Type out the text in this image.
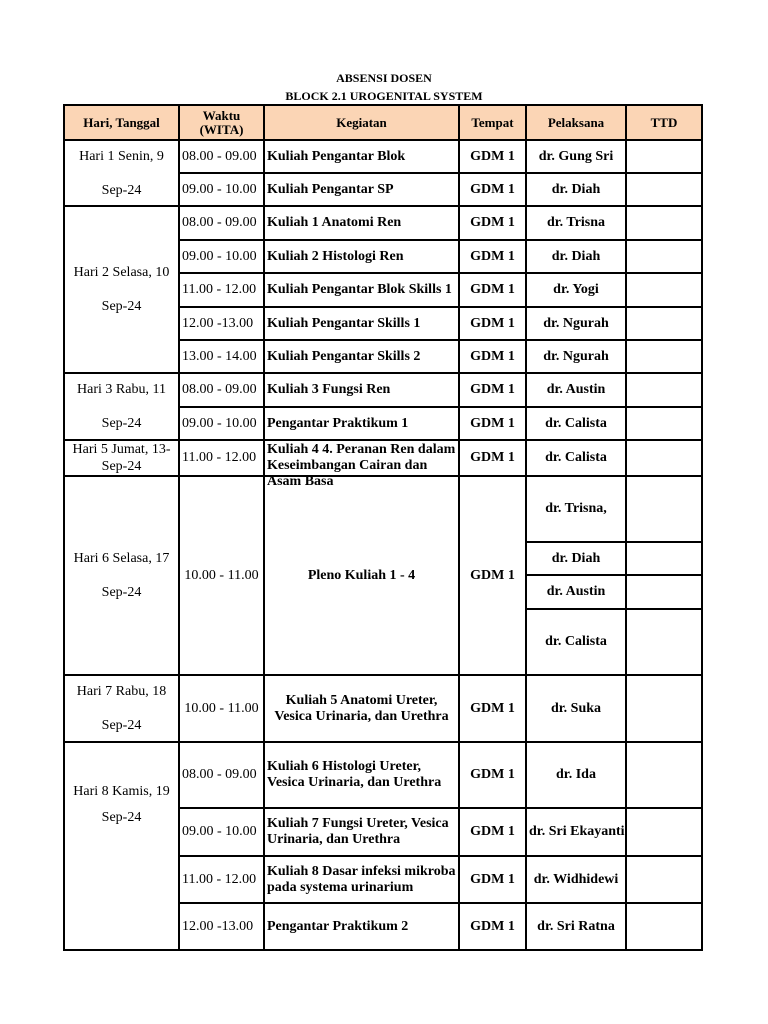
ABSENSI DOSEN
BLOCK 2.1 UROGENITAL SYSTEM
Hari, Tanggal	Waktu (WITA)	Kegiatan	Tempat	Pelaksana	TTD
Hari 1 Senin, 9
Sep-24	08.00 - 09.00	Kuliah Pengantar Blok	GDM 1	dr. Gung Sri	
	09.00 - 10.00	Kuliah Pengantar SP	GDM 1	dr. Diah	
Hari 2 Selasa, 10
Sep-24	08.00 - 09.00	Kuliah 1 Anatomi Ren	GDM 1	dr. Trisna	
	09.00 - 10.00	Kuliah 2 Histologi Ren	GDM 1	dr. Diah	
	11.00 - 12.00	Kuliah Pengantar Blok Skills 1	GDM 1	dr. Yogi	
	12.00 -13.00	Kuliah Pengantar Skills 1	GDM 1	dr. Ngurah	
	13.00 - 14.00	Kuliah Pengantar Skills 2	GDM 1	dr. Ngurah	
Hari 3 Rabu, 11
Sep-24	08.00 - 09.00	Kuliah 3 Fungsi Ren	GDM 1	dr. Austin	
	09.00 - 10.00	Pengantar Praktikum 1	GDM 1	dr. Calista	
Hari 5 Jumat, 13-
Sep-24	11.00 - 12.00	Kuliah 4 4. Peranan Ren dalam Keseimbangan Cairan dan Asam Basa	GDM 1	dr. Calista	
Hari 6 Selasa, 17
Sep-24	10.00 - 11.00	Pleno Kuliah 1 - 4	GDM 1	dr. Trisna,	
				dr. Diah	
				dr. Austin	
				dr. Calista	
Hari 7 Rabu, 18
Sep-24	10.00 - 11.00	Kuliah 5 Anatomi Ureter, Vesica Urinaria, dan Urethra	GDM 1	dr. Suka	
Hari 8 Kamis, 19
Sep-24	08.00 - 09.00	Kuliah 6 Histologi Ureter, Vesica Urinaria, dan Urethra	GDM 1	dr. Ida	
	09.00 - 10.00	Kuliah 7 Fungsi Ureter, Vesica Urinaria, dan Urethra	GDM 1	dr. Sri Ekayanti	
	11.00 - 12.00	Kuliah 8 Dasar infeksi mikroba pada systema urinarium	GDM 1	dr. Widhidewi	
	12.00 -13.00	Pengantar Praktikum 2	GDM 1	dr. Sri Ratna	
